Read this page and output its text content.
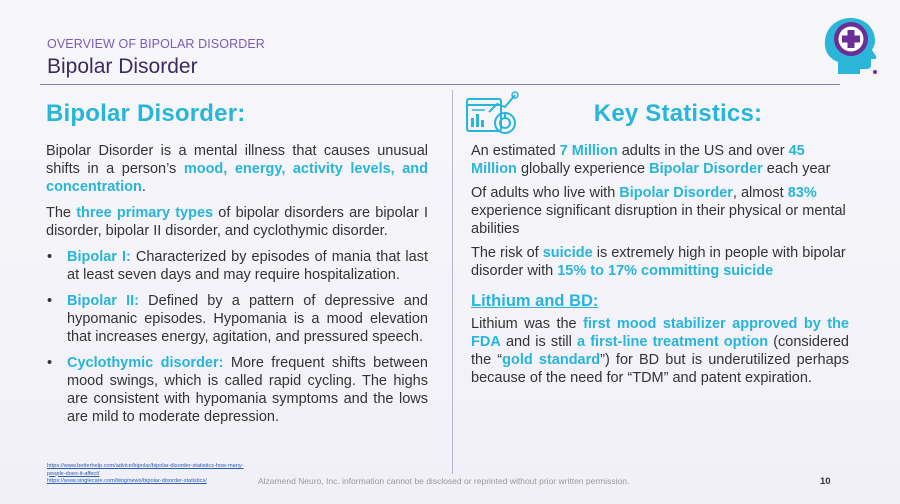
OVERVIEW OF BIPOLAR DISORDER
Bipolar Disorder
Bipolar Disorder:

Bipolar Disorder is a mental illness that causes unusual shifts in a person’s mood, energy, activity levels, and concentration.

The three primary types of bipolar disorders are bipolar I disorder, bipolar II disorder, and cyclothymic disorder.

• Bipolar I: Characterized by episodes of mania that last at least seven days and may require hospitalization.
• Bipolar II: Defined by a pattern of depressive and hypomanic episodes. Hypomania is a mood elevation that increases energy, agitation, and pressured speech.
• Cyclothymic disorder: More frequent shifts between mood swings, which is called rapid cycling. The highs are consistent with hypomania symptoms and the lows are mild to moderate depression.
Key Statistics:

An estimated 7 Million adults in the US and over 45 Million globally experience Bipolar Disorder each year

Of adults who live with Bipolar Disorder, almost 83% experience significant disruption in their physical or mental abilities

The risk of suicide is extremely high in people with bipolar disorder with 15% to 17% committing suicide

Lithium and BD:

Lithium was the first mood stabilizer approved by the FDA and is still a first-line treatment option (considered the “gold standard”) for BD but is underutilized perhaps because of the need for “TDM” and patent expiration.

https://www.betterhelp.com/advice/bipolar/bipolar-disorder-statistics-how-many-people-does-it-affect/
https://www.singlecare.com/blog/news/bipolar-disorder-statistics/	Alzamend Neuro, Inc. information cannot be disclosed or reprinted without prior written permission.	10
